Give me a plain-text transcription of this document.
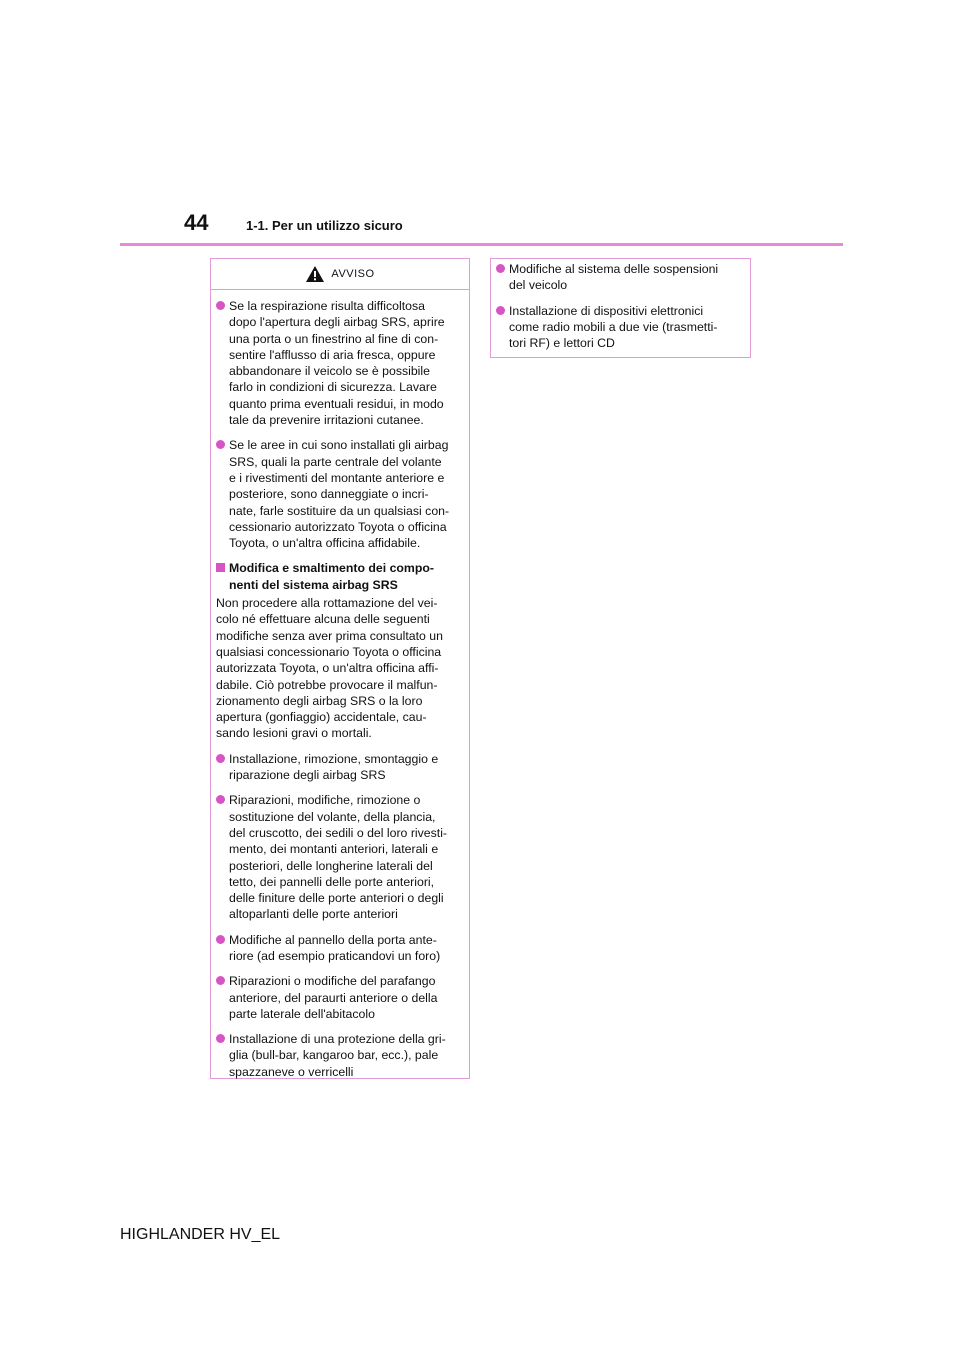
44	1-1. Per un utilizzo sicuro
AVVISO
Se la respirazione risulta difficoltosa
dopo l'apertura degli airbag SRS, aprire
una porta o un finestrino al fine di con-
sentire l'afflusso di aria fresca, oppure
abbandonare il veicolo se è possibile
farlo in condizioni di sicurezza. Lavare
quanto prima eventuali residui, in modo
tale da prevenire irritazioni cutanee.
Se le aree in cui sono installati gli airbag
SRS, quali la parte centrale del volante
e i rivestimenti del montante anteriore e
posteriore, sono danneggiate o incri-
nate, farle sostituire da un qualsiasi con-
cessionario autorizzato Toyota o officina
Toyota, o un'altra officina affidabile.
Modifica e smaltimento dei compo-
nenti del sistema airbag SRS
Non procedere alla rottamazione del vei-
colo né effettuare alcuna delle seguenti
modifiche senza aver prima consultato un
qualsiasi concessionario Toyota o officina
autorizzata Toyota, o un'altra officina affi-
dabile. Ciò potrebbe provocare il malfun-
zionamento degli airbag SRS o la loro
apertura (gonfiaggio) accidentale, cau-
sando lesioni gravi o mortali.
Installazione, rimozione, smontaggio e
riparazione degli airbag SRS
Riparazioni, modifiche, rimozione o
sostituzione del volante, della plancia,
del cruscotto, dei sedili o del loro rivesti-
mento, dei montanti anteriori, laterali e
posteriori, delle longherine laterali del
tetto, dei pannelli delle porte anteriori,
delle finiture delle porte anteriori o degli
altoparlanti delle porte anteriori
Modifiche al pannello della porta ante-
riore (ad esempio praticandovi un foro)
Riparazioni o modifiche del parafango
anteriore, del paraurti anteriore o della
parte laterale dell'abitacolo
Installazione di una protezione della gri-
glia (bull-bar, kangaroo bar, ecc.), pale
spazzaneve o verricelli
Modifiche al sistema delle sospensioni
del veicolo
Installazione di dispositivi elettronici
come radio mobili a due vie (trasmetti-
tori RF) e lettori CD
HIGHLANDER HV_EL
